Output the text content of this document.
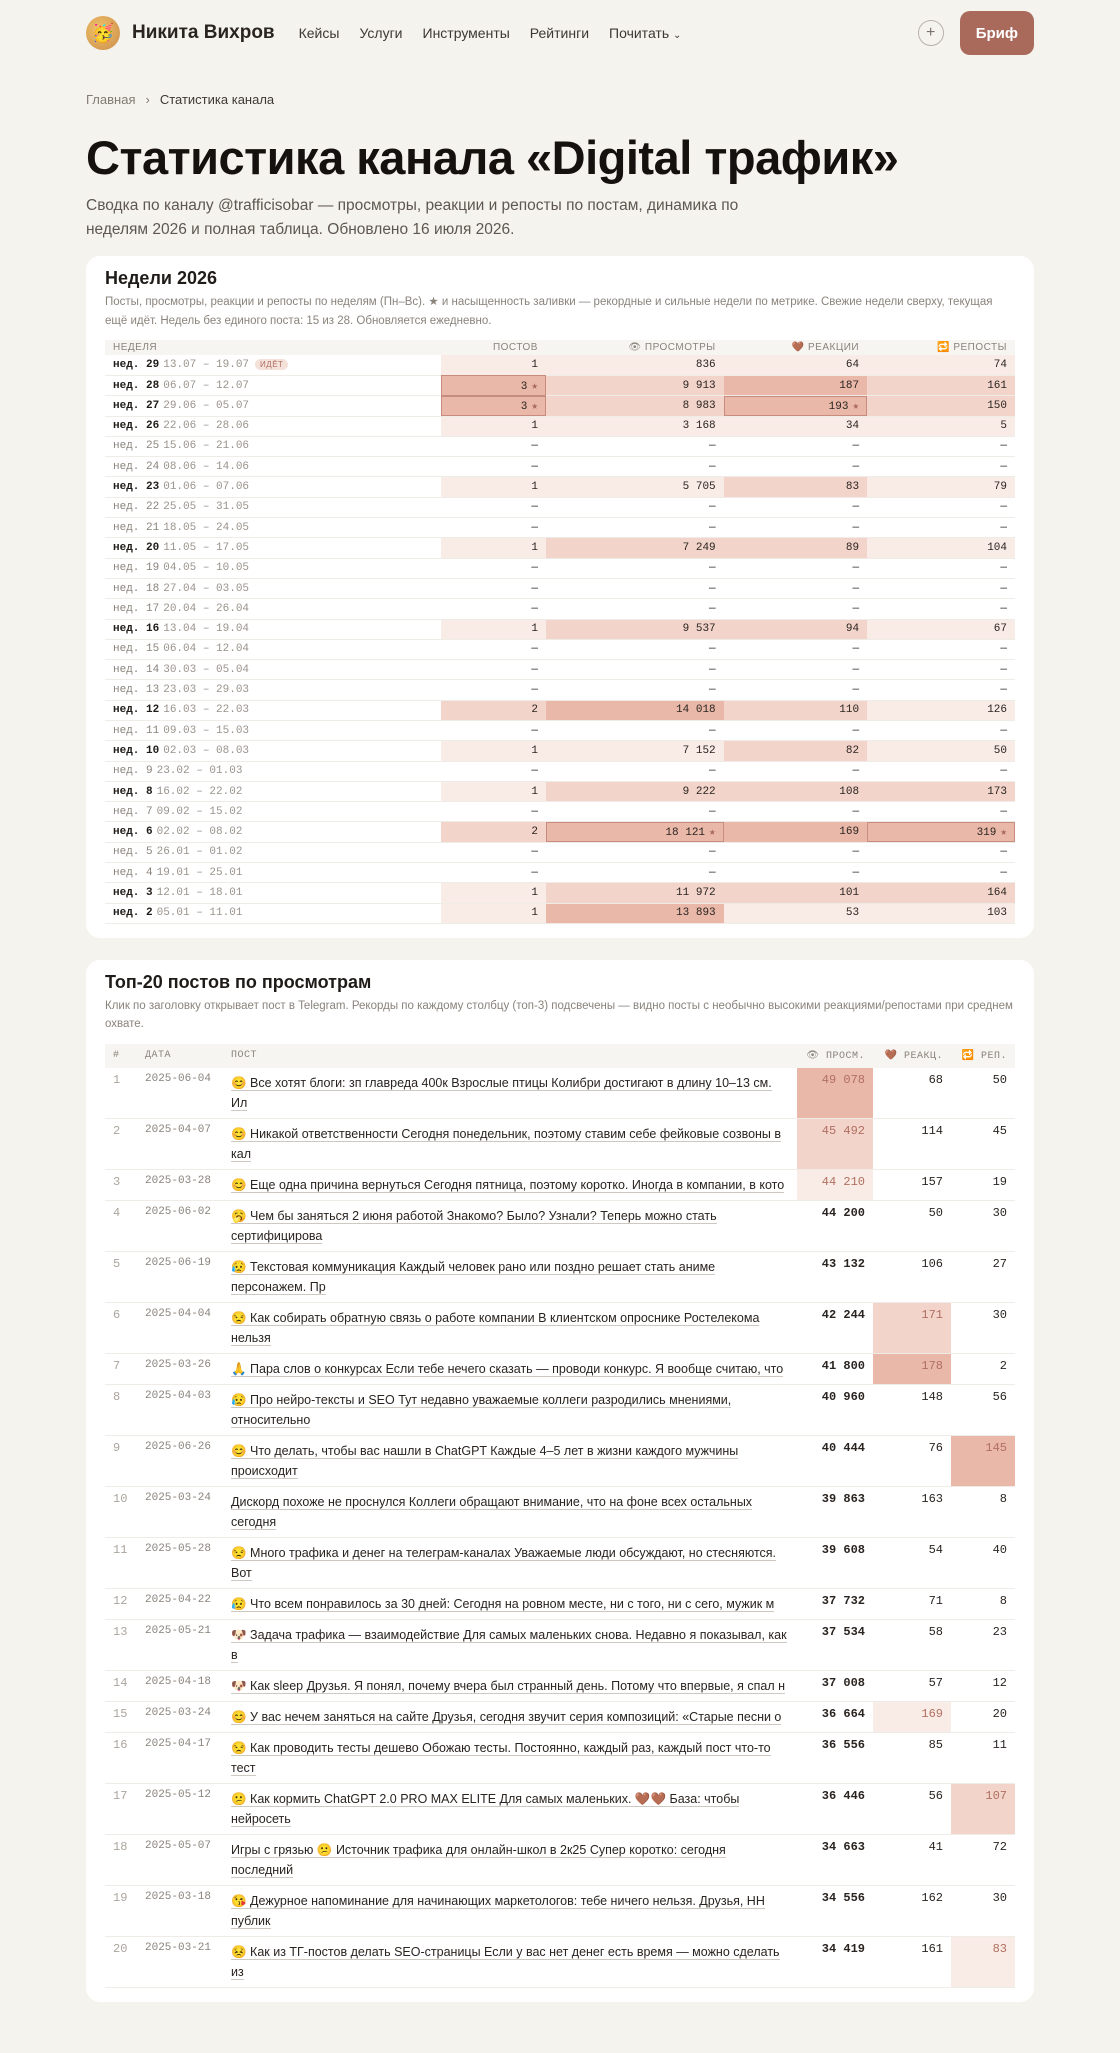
🥳 Никита Вихров Кейсы Услуги Инструменты Рейтинги Почитать ⌄	+	Бриф
Главная › Статистика канала
Статистика канала «Digital трафик»

Сводка по каналу @trafficisobar — просмотры, реакции и репосты по постам, динамика по неделям 2026 и полная таблица. Обновлено 16 июля 2026.

Недели 2026

Посты, просмотры, реакции и репосты по неделям (Пн–Вс). ★ и насыщенность заливки — рекордные и сильные недели по метрике. Свежие недели сверху, текущая ещё идёт. Недель без единого поста: 15 из 28. Обновляется ежедневно.

НЕДЕЛЯ	ПОСТОВ	👁 ПРОСМОТРЫ	🤎 РЕАКЦИИ	🔁 РЕПОСТЫ
нед. 29 13.07 – 19.07 ИДЁТ	1	836	64	74
нед. 28 06.07 – 12.07	3 ★	9 913	187	161
нед. 27 29.06 – 05.07	3 ★	8 983	193 ★	150
нед. 26 22.06 – 28.06	1	3 168	34	5
нед. 25 15.06 – 21.06	—	—	—	—
нед. 24 08.06 – 14.06	—	—	—	—
нед. 23 01.06 – 07.06	1	5 705	83	79
нед. 22 25.05 – 31.05	—	—	—	—
нед. 21 18.05 – 24.05	—	—	—	—
нед. 20 11.05 – 17.05	1	7 249	89	104
нед. 19 04.05 – 10.05	—	—	—	—
нед. 18 27.04 – 03.05	—	—	—	—
нед. 17 20.04 – 26.04	—	—	—	—
нед. 16 13.04 – 19.04	1	9 537	94	67
нед. 15 06.04 – 12.04	—	—	—	—
нед. 14 30.03 – 05.04	—	—	—	—
нед. 13 23.03 – 29.03	—	—	—	—
нед. 12 16.03 – 22.03	2	14 018	110	126
нед. 11 09.03 – 15.03	—	—	—	—
нед. 10 02.03 – 08.03	1	7 152	82	50
нед. 9 23.02 – 01.03	—	—	—	—
нед. 8 16.02 – 22.02	1	9 222	108	173
нед. 7 09.02 – 15.02	—	—	—	—
нед. 6 02.02 – 08.02	2	18 121 ★	169	319 ★
нед. 5 26.01 – 01.02	—	—	—	—
нед. 4 19.01 – 25.01	—	—	—	—
нед. 3 12.01 – 18.01	1	11 972	101	164
нед. 2 05.01 – 11.01	1	13 893	53	103
Топ-20 постов по просмотрам

Клик по заголовку открывает пост в Telegram. Рекорды по каждому столбцу (топ-3) подсвечены — видно посты с необычно высокими реакциями/репостами при среднем охвате.

#	ДАТА	ПОСТ	👁 ПРОСМ.	🤎 РЕАКЦ.	🔁 РЕП.
1	2025-06-04	😊 Все хотят блоги: зп главреда 400к Взрослые птицы Колибри достигают в длину 10–13 см. Ил	49 078	68	50
2	2025-04-07	😊 Никакой ответственности Сегодня понедельник, поэтому ставим себе фейковые созвоны в кал	45 492	114	45
3	2025-03-28	😊 Еще одна причина вернуться Сегодня пятница, поэтому коротко. Иногда в компании, в кото	44 210	157	19
4	2025-06-02	🥱 Чем бы заняться 2 июня работой Знакомо? Было? Узнали? Теперь можно стать сертифицирова	44 200	50	30
5	2025-06-19	😥 Текстовая коммуникация Каждый человек рано или поздно решает стать аниме персонажем. Пр	43 132	106	27
6	2025-04-04	😒 Как собирать обратную связь о работе компании В клиентском опроснике Ростелекома нельзя	42 244	171	30
7	2025-03-26	🙏 Пара слов о конкурсах Если тебе нечего сказать — проводи конкурс. Я вообще считаю, что	41 800	178	2
8	2025-04-03	😥 Про нейро-тексты и SEO Тут недавно уважаемые коллеги разродились мнениями, относительно	40 960	148	56
9	2025-06-26	😊 Что делать, чтобы вас нашли в ChatGPT Каждые 4–5 лет в жизни каждого мужчины происходит	40 444	76	145
10	2025-03-24	Дискорд похоже не проснулся Коллеги обращают внимание, что на фоне всех остальных сегодня	39 863	163	8
11	2025-05-28	😒 Много трафика и денег на телеграм-каналах Уважаемые люди обсуждают, но стесняются. Вот	39 608	54	40
12	2025-04-22	😥 Что всем понравилось за 30 дней: Сегодня на ровном месте, ни с того, ни с сего, мужик м	37 732	71	8
13	2025-05-21	🐶 Задача трафика — взаимодействие Для самых маленьких снова. Недавно я показывал, как в	37 534	58	23
14	2025-04-18	🐶 Как sleep Друзья. Я понял, почему вчера был странный день. Потому что впервые, я спал н	37 008	57	12
15	2025-03-24	😊 У вас нечем заняться на сайте Друзья, сегодня звучит серия композиций: «Старые песни о	36 664	169	20
16	2025-04-17	😒 Как проводить тесты дешево Обожаю тесты. Постоянно, каждый раз, каждый пост что-то тест	36 556	85	11
17	2025-05-12	😕 Как кормить ChatGPT 2.0 PRO MAX ELITE Для самых маленьких. 🤎🤎 База: чтобы нейросеть	36 446	56	107
18	2025-05-07	Игры с грязью 😕 Источник трафика для онлайн-школ в 2к25 Супер коротко: сегодня последний	34 663	41	72
19	2025-03-18	😘 Дежурное напоминание для начинающих маркетологов: тебе ничего нельзя. Друзья, НН публик	34 556	162	30
20	2025-03-21	😣 Как из ТГ-постов делать SEO-страницы Если у вас нет денег есть время — можно сделать из	34 419	161	83
